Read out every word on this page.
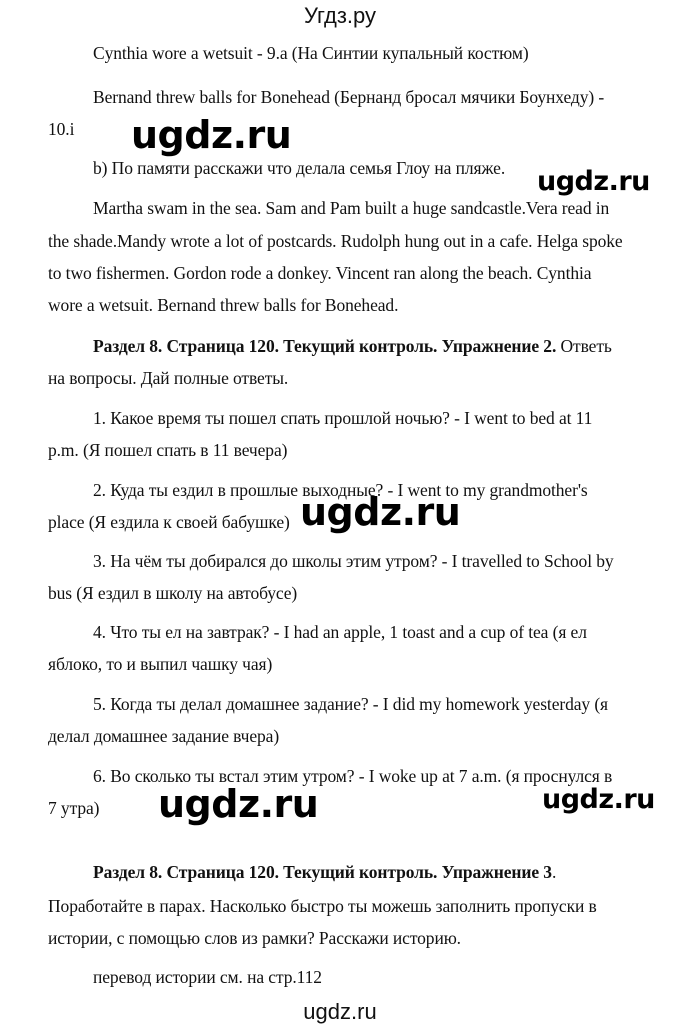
Угдз.ру
Cynthia wore a wetsuit - 9.a (На Синтии купальный костюм)
Bernand threw balls for Bonehead (Бернанд бросал мячики Боунхеду) -
10.i
b) По памяти расскажи что делала семья Глоу на пляже.
Martha swam in the sea. Sam and Pam built a huge sandcastle.Vera read in
the shade.Mandy wrote a lot of postcards. Rudolph hung out in a cafe. Helga spoke
to two fishermen. Gordon rode a donkey. Vincent ran along the beach. Cynthia
wore a wetsuit. Bernand threw balls for Bonehead.
Раздел 8. Страница 120. Текущий контроль. Упражнение 2. Ответь
на вопросы. Дай полные ответы.
1. Какое время ты пошел спать прошлой ночью? - I went to bed at 11
p.m. (Я пошел спать в 11 вечера)
2. Куда ты ездил в прошлые выходные? - I went to my grandmother's
place (Я ездила к своей бабушке)
3. На чём ты добирался до школы этим утром? - I travelled to School by
bus (Я ездил в школу на автобусе)
4. Что ты ел на завтрак? - I had an apple, 1 toast and a cup of tea (я ел
яблоко, то и выпил чашку чая)
5. Когда ты делал домашнее задание? - I did my homework yesterday (я
делал домашнее задание вчера)
6. Во сколько ты встал этим утром? - I woke up at 7 a.m. (я проснулся в
7 утра)
Раздел 8. Страница 120. Текущий контроль. Упражнение 3.
Поработайте в парах. Насколько быстро ты можешь заполнить пропуски в
истории, с помощью слов из рамки? Расскажи историю.
перевод истории см. на стр.112
ugdz.ru
ugdz.ru
ugdz.ru
ugdz.ru	ugdz.ru
ugdz.ru
